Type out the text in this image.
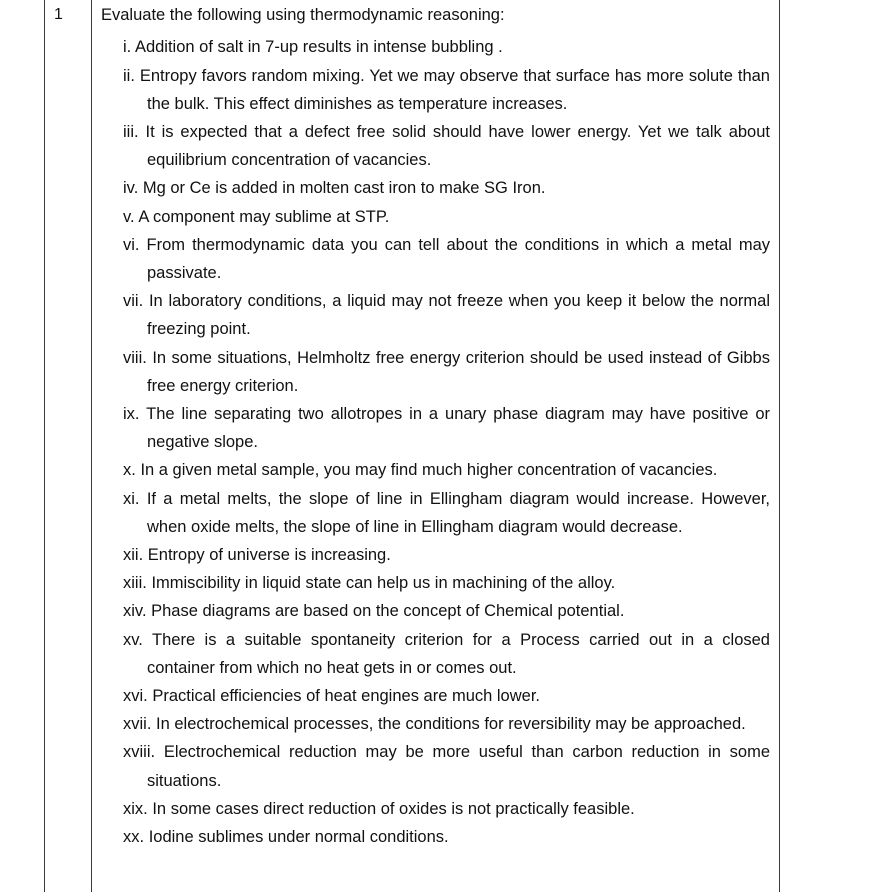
1 Evaluate the following using thermodynamic reasoning:
i. Addition of salt in 7-up results in intense bubbling .
ii. Entropy favors random mixing. Yet we may observe that surface has more solute than the bulk. This effect diminishes as temperature increases.
iii. It is expected that a defect free solid should have lower energy. Yet we talk about equilibrium concentration of vacancies.
iv. Mg or Ce is added in molten cast iron to make SG Iron.
v. A component may sublime at STP.
vi. From thermodynamic data you can tell about the conditions in which a metal may passivate.
vii. In laboratory conditions, a liquid may not freeze when you keep it below the normal freezing point.
viii. In some situations, Helmholtz free energy criterion should be used instead of Gibbs free energy criterion.
ix. The line separating two allotropes in a unary phase diagram may have positive or negative slope.
x. In a given metal sample, you may find much higher concentration of vacancies.
xi. If a metal melts, the slope of line in Ellingham diagram would increase. However, when oxide melts, the slope of line in Ellingham diagram would decrease.
xii. Entropy of universe is increasing.
xiii. Immiscibility in liquid state can help us in machining of the alloy.
xiv. Phase diagrams are based on the concept of Chemical potential.
xv. There is a suitable spontaneity criterion for a Process carried out in a closed container from which no heat gets in or comes out.
xvi. Practical efficiencies of heat engines are much lower.
xvii. In electrochemical processes, the conditions for reversibility may be approached.
xviii. Electrochemical reduction may be more useful than carbon reduction in some situations.
xix. In some cases direct reduction of oxides is not practically feasible.
xx. Iodine sublimes under normal conditions.
